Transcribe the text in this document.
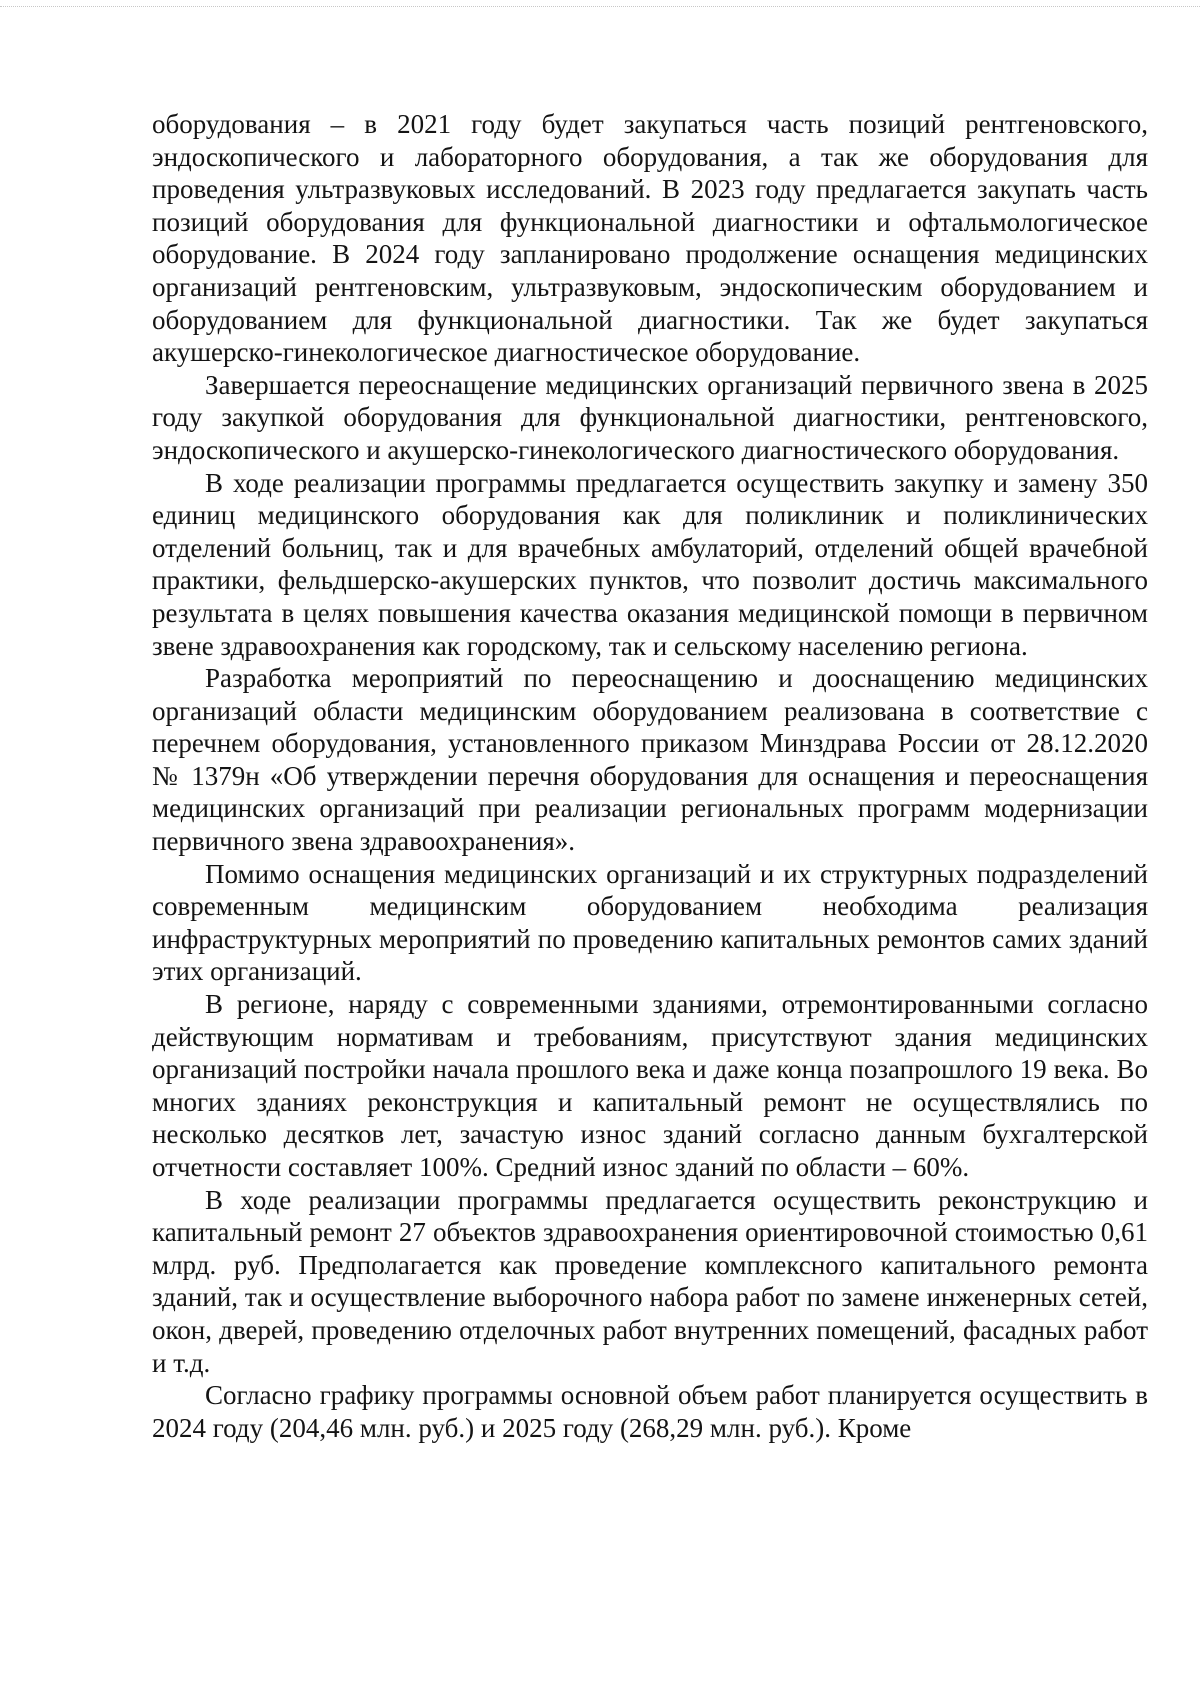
оборудования – в 2021 году будет закупаться часть позиций рентгеновского, эндоскопического и лабораторного оборудования, а так же оборудования для проведения ультразвуковых исследований. В 2023 году предлагается закупать часть позиций оборудования для функциональной диагностики и офтальмологическое оборудование. В 2024 году запланировано продолжение оснащения медицинских организаций рентгеновским, ультразвуковым, эндоскопическим оборудованием и оборудованием для функциональной диагностики. Так же будет закупаться акушерско-гинекологическое диагностическое оборудование.

Завершается переоснащение медицинских организаций первичного звена в 2025 году закупкой оборудования для функциональной диагностики, рентгеновского, эндоскопического и акушерско-гинекологического диагностического оборудования.

В ходе реализации программы предлагается осуществить закупку и замену 350 единиц медицинского оборудования как для поликлиник и поликлинических отделений больниц, так и для врачебных амбулаторий, отделений общей врачебной практики, фельдшерско-акушерских пунктов, что позволит достичь максимального результата в целях повышения качества оказания медицинской помощи в первичном звене здравоохранения как городскому, так и сельскому населению региона.

Разработка мероприятий по переоснащению и дооснащению медицинских организаций области медицинским оборудованием реализована в соответствие с перечнем оборудования, установленного приказом Минздрава России от 28.12.2020 № 1379н «Об утверждении перечня оборудования для оснащения и переоснащения медицинских организаций при реализации региональных программ модернизации первичного звена здравоохранения».

Помимо оснащения медицинских организаций и их структурных подразделений современным медицинским оборудованием необходима реализация инфраструктурных мероприятий по проведению капитальных ремонтов самих зданий этих организаций.

В регионе, наряду с современными зданиями, отремонтированными согласно действующим нормативам и требованиям, присутствуют здания медицинских организаций постройки начала прошлого века и даже конца позапрошлого 19 века. Во многих зданиях реконструкция и капитальный ремонт не осуществлялись по несколько десятков лет, зачастую износ зданий согласно данным бухгалтерской отчетности составляет 100%. Средний износ зданий по области – 60%.

В ходе реализации программы предлагается осуществить реконструкцию и капитальный ремонт 27 объектов здравоохранения ориентировочной стоимостью 0,61 млрд. руб. Предполагается как проведение комплексного капитального ремонта зданий, так и осуществление выборочного набора работ по замене инженерных сетей, окон, дверей, проведению отделочных работ внутренних помещений, фасадных работ и т.д.

Согласно графику программы основной объем работ планируется осуществить в 2024 году (204,46 млн. руб.) и 2025 году (268,29 млн. руб.). Кроме
